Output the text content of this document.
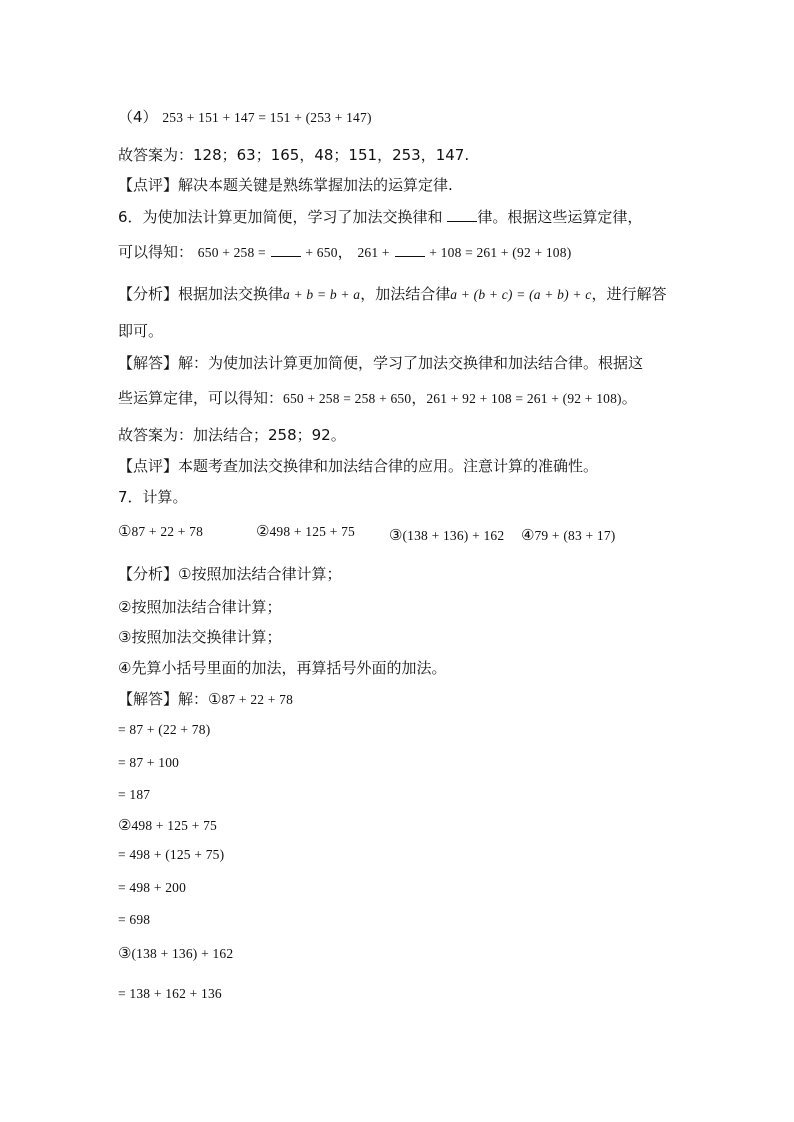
（4） 253 + 151 + 147 = 151 + (253 + 147)
故答案为：128；63；165，48；151，253，147.
【点评】解决本题关键是熟练掌握加法的运算定律.
6．为使加法计算更加简便，学习了加法交换律和 律。根据这些运算定律，
可以得知： 650 + 258 =	+ 650， 261 +	+ 108 = 261 + (92 + 108)
【分析】根据加法交换律a + b = b + a，加法结合律a + (b + c) = (a + b) + c，进行解答
即可。
【解答】解：为使加法计算更加简便，学习了加法交换律和加法结合律。根据这
些运算定律，可以得知：650 + 258 = 258 + 650，261 + 92 + 108 = 261 + (92 + 108)。
故答案为：加法结合；258；92。
【点评】本题考查加法交换律和加法结合律的应用。注意计算的准确性。
7．计算。
①87 + 22 + 78	②498 + 125 + 75 ③(138 + 136) + 162 ④79 + (83 + 17)
【分析】①按照加法结合律计算；
②按照加法结合律计算；
③按照加法交换律计算；
④先算小括号里面的加法，再算括号外面的加法。
【解答】解：①87 + 22 + 78
= 87 + (22 + 78)
= 87 + 100
= 187
②498 + 125 + 75
= 498 + (125 + 75)
= 498 + 200
= 698
③(138 + 136) + 162
= 138 + 162 + 136
